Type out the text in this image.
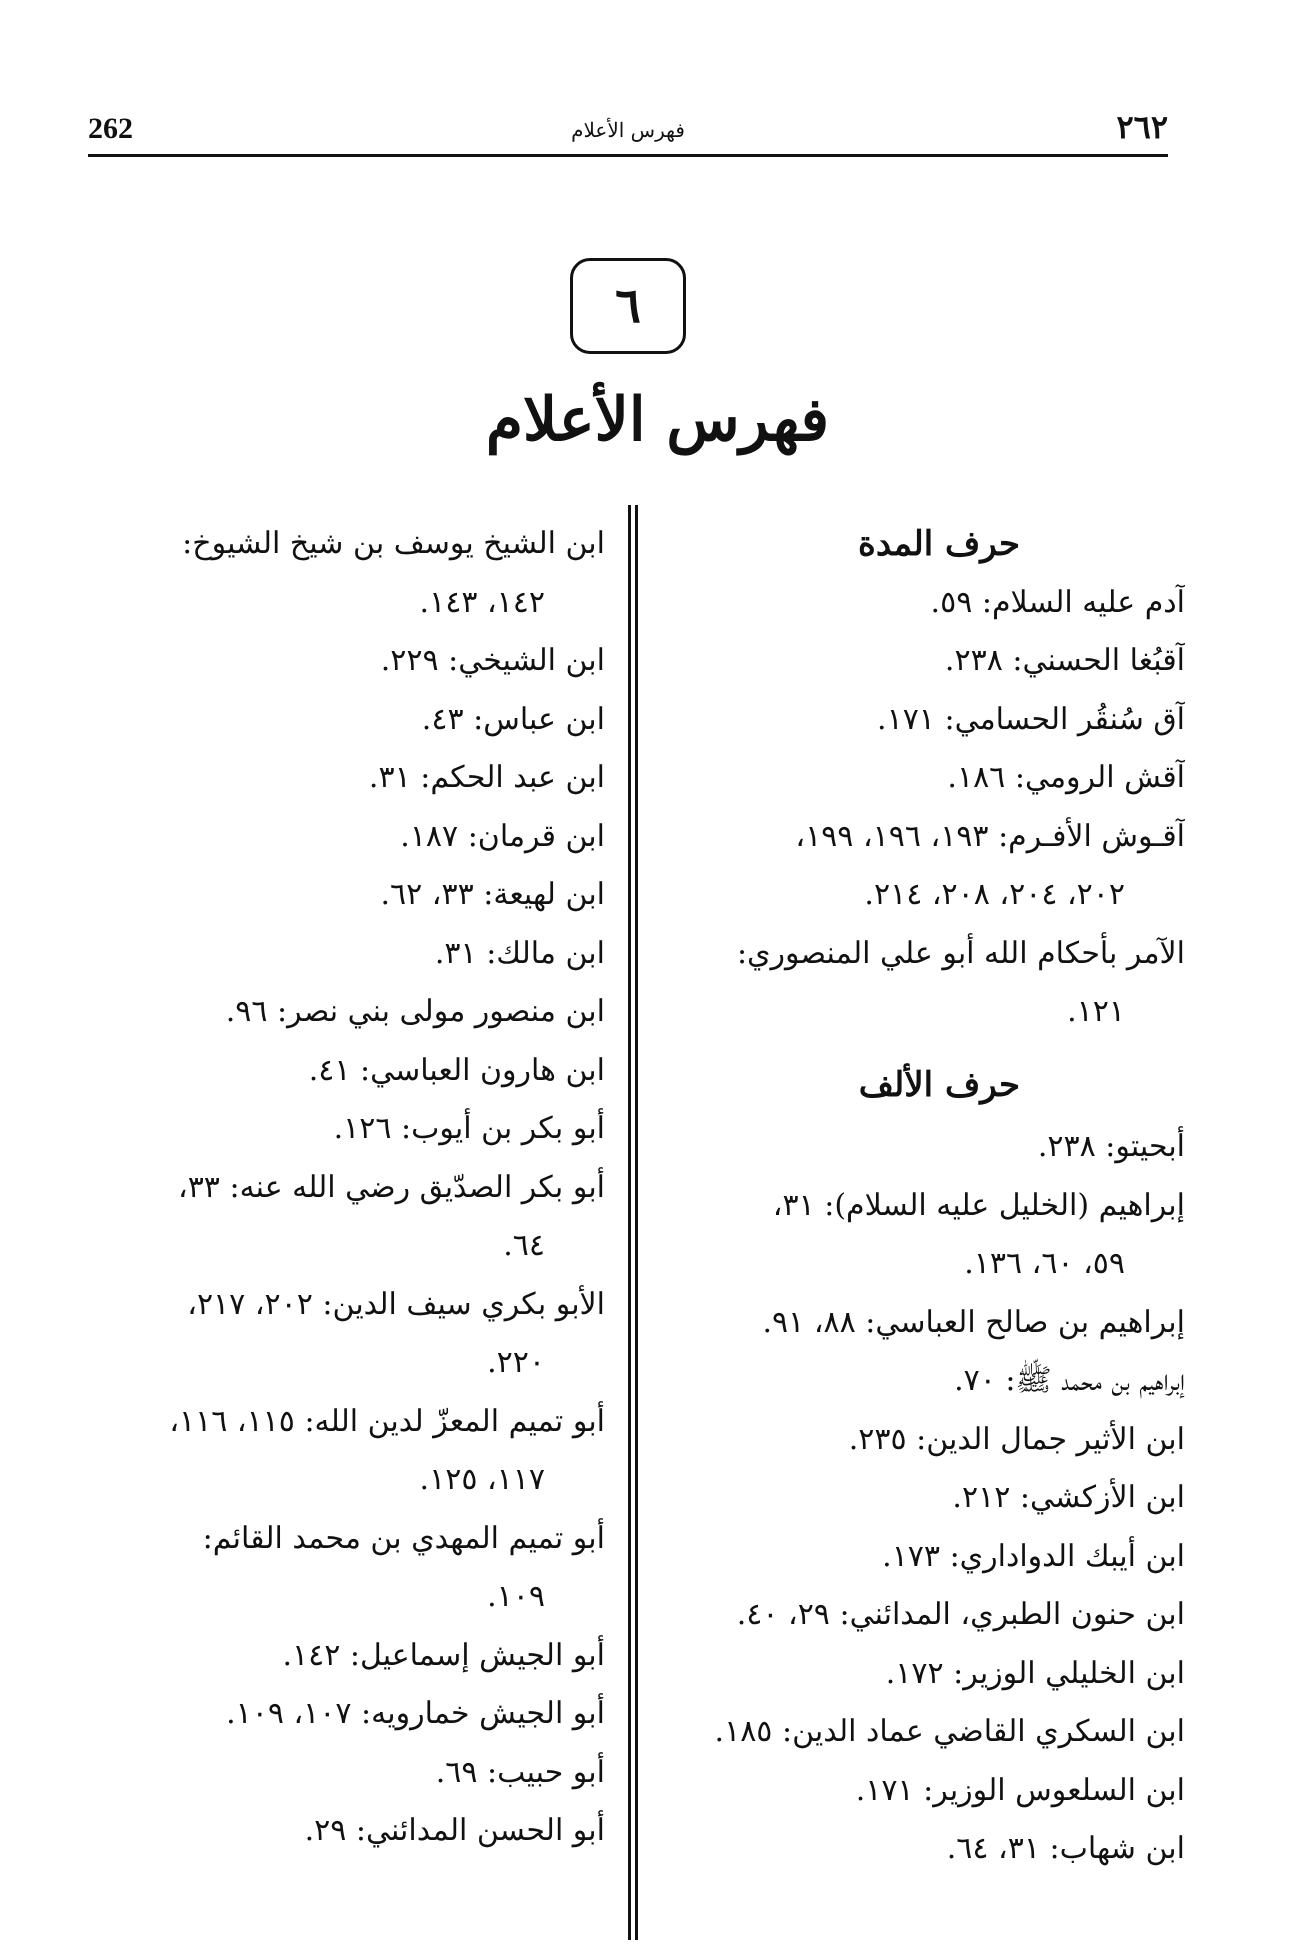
262	فهرس الأعلام	٢٦٢
٦
فهرس الأعلام
حرف المدة
آدم عليه السلام: ٥٩.
آقبُغا الحسني: ٢٣٨.
آق سُنقُر الحسامي: ١٧١.
آقش الرومي: ١٨٦.
آقـوش الأفـرم: ١٩٣، ١٩٦، ١٩٩،
٢٠٢، ٢٠٤، ٢٠٨، ٢١٤.
الآمر بأحكام الله أبو علي المنصوري:
١٢١.
حرف الألف
أبحيتو: ٢٣٨.
إبراهيم (الخليل عليه السلام): ٣١،
٥٩، ٦٠، ١٣٦.
إبراهيم بن صالح العباسي: ٨٨، ٩١.
إبراهيم بن محمد ﷺ: ٧٠.
ابن الأثير جمال الدين: ٢٣٥.
ابن الأزكشي: ٢١٢.
ابن أيبك الدواداري: ١٧٣.
ابن حنون الطبري، المدائني: ٢٩، ٤٠.
ابن الخليلي الوزير: ١٧٢.
ابن السكري القاضي عماد الدين: ١٨٥.
ابن السلعوس الوزير: ١٧١.
ابن شهاب: ٣١، ٦٤.
ابن الشيخ يوسف بن شيخ الشيوخ:
١٤٢، ١٤٣.
ابن الشيخي: ٢٢٩.
ابن عباس: ٤٣.
ابن عبد الحكم: ٣١.
ابن قرمان: ١٨٧.
ابن لهيعة: ٣٣، ٦٢.
ابن مالك: ٣١.
ابن منصور مولى بني نصر: ٩٦.
ابن هارون العباسي: ٤١.
أبو بكر بن أيوب: ١٢٦.
أبو بكر الصدّيق رضي الله عنه: ٣٣،
٦٤.
الأبو بكري سيف الدين: ٢٠٢، ٢١٧،
٢٢٠.
أبو تميم المعزّ لدين الله: ١١٥، ١١٦،
١١٧، ١٢٥.
أبو تميم المهدي بن محمد القائم:
١٠٩.
أبو الجيش إسماعيل: ١٤٢.
أبو الجيش خمارويه: ١٠٧، ١٠٩.
أبو حبيب: ٦٩.
أبو الحسن المدائني: ٢٩.
